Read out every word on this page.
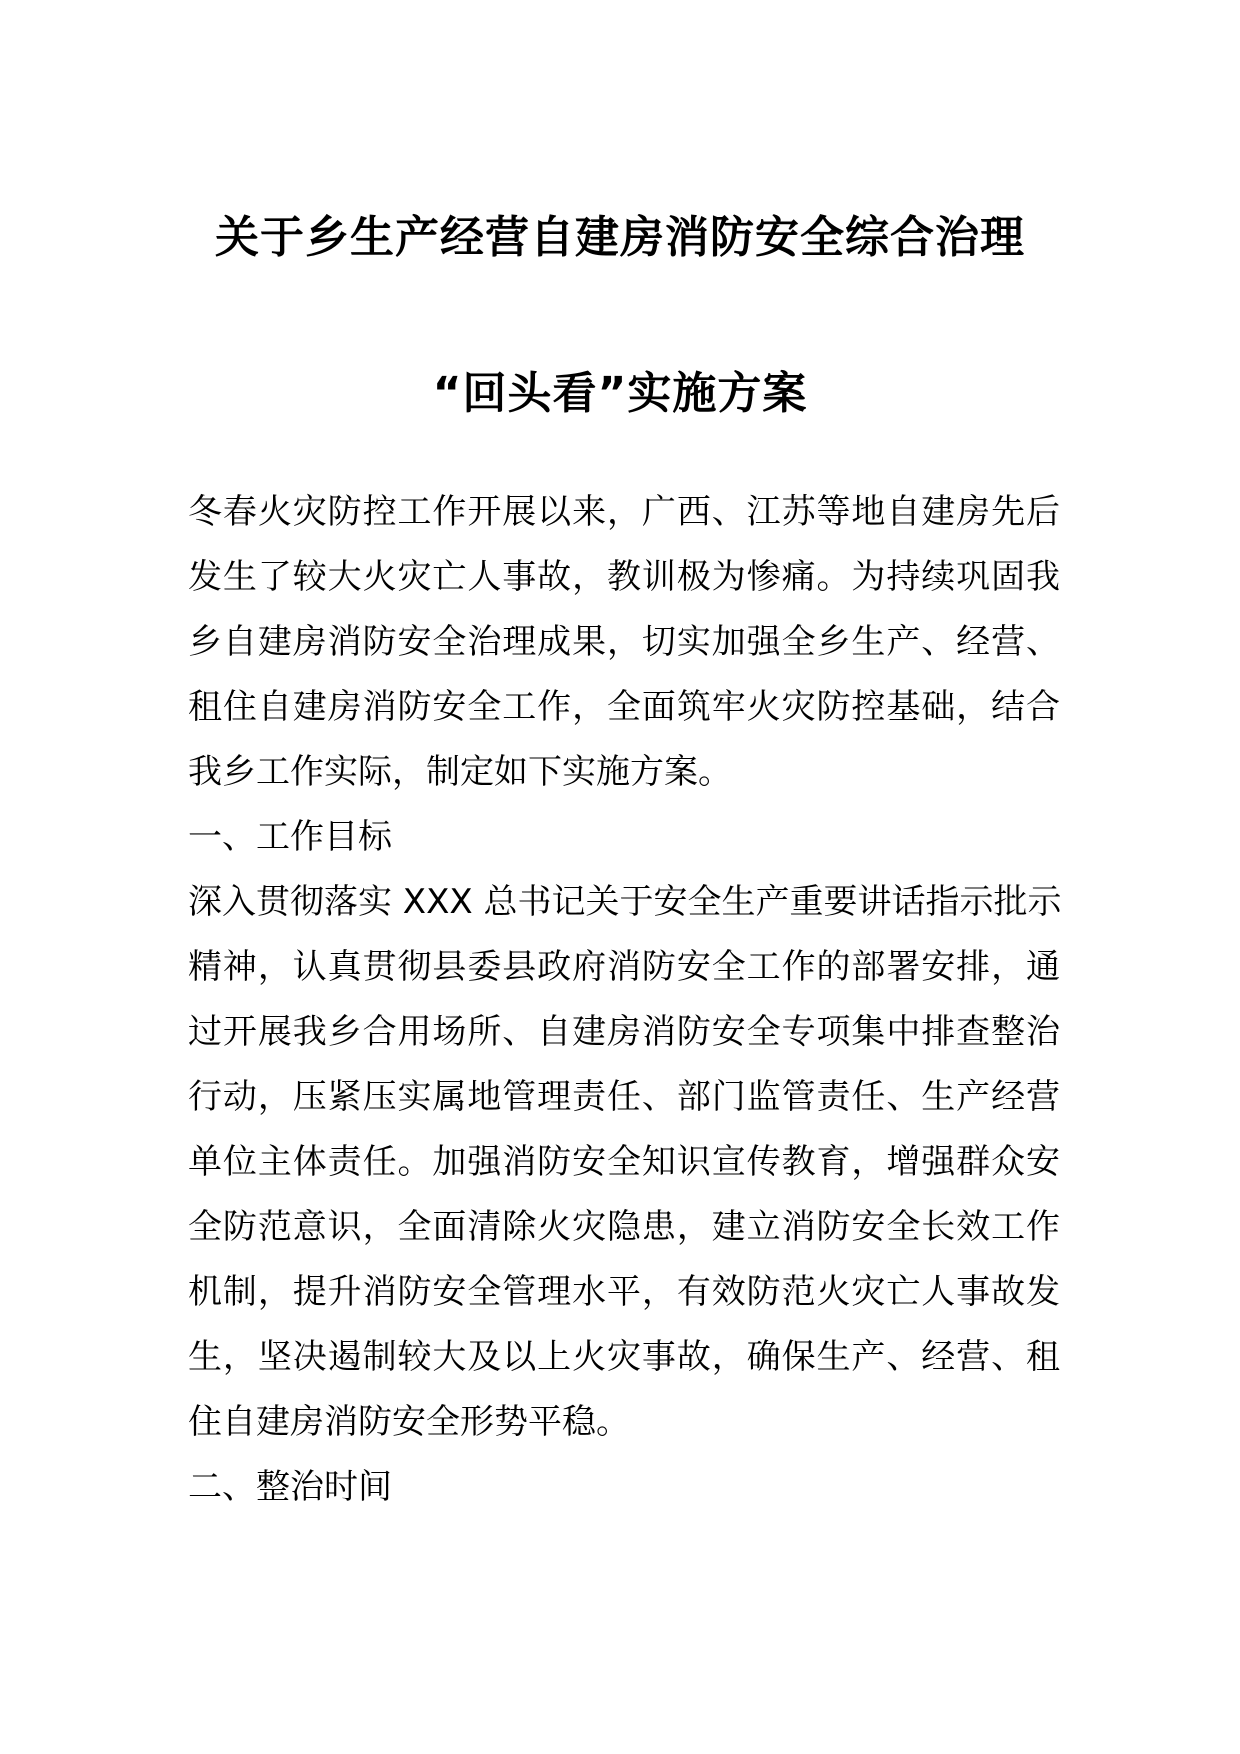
关于乡生产经营自建房消防安全综合治理
“回头看”实施方案
冬春火灾防控工作开展以来，广西、江苏等地自建房先后
发生了较大火灾亡人事故，教训极为惨痛。为持续巩固我
乡自建房消防安全治理成果，切实加强全乡生产、经营、
租住自建房消防安全工作，全面筑牢火灾防控基础，结合
我乡工作实际，制定如下实施方案。
一、工作目标
深入贯彻落实 XXX 总书记关于安全生产重要讲话指示批示
精神，认真贯彻县委县政府消防安全工作的部署安排，通
过开展我乡合用场所、自建房消防安全专项集中排查整治
行动，压紧压实属地管理责任、部门监管责任、生产经营
单位主体责任。加强消防安全知识宣传教育，增强群众安
全防范意识，全面清除火灾隐患，建立消防安全长效工作
机制，提升消防安全管理水平，有效防范火灾亡人事故发
生，坚决遏制较大及以上火灾事故，确保生产、经营、租
住自建房消防安全形势平稳。
二、整治时间
